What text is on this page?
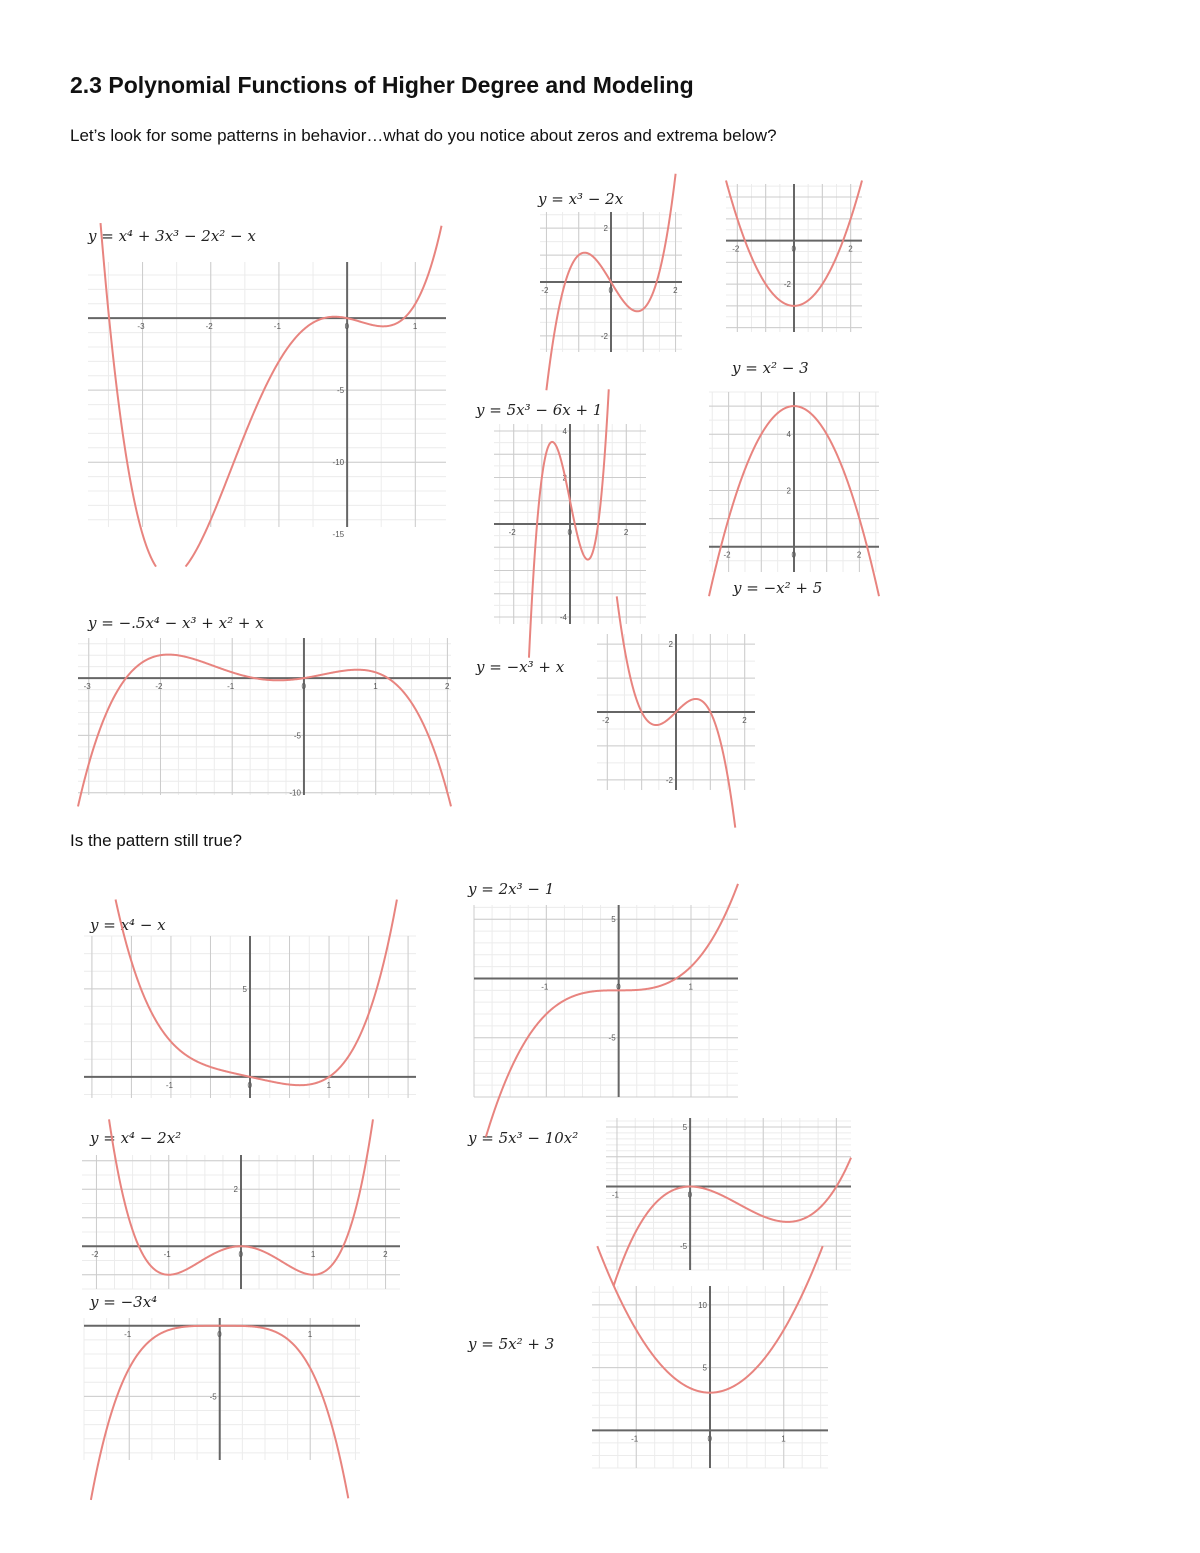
2.3 Polynomial Functions of Higher Degree and Modeling
Let’s look for some patterns in behavior…what do you notice about zeros and extrema below?
Is the pattern still true?
y = x⁴ + 3x³ − 2x² − x
y = x³ − 2x
y = x² − 3
y = 5x³ − 6x + 1
y = −x² + 5
y = −.5x⁴ − x³ + x² + x
y = −x³ + x
y = x⁴ − x
y = 2x³ − 1
y = x⁴ − 2x²	y = 5x³ − 10x²
y = −3x⁴
y = 5x² + 3
-3	-2	-1	0	1
-5
-10
-15
-2	0	2
2
-2
-2	0	2
-2
-2	0	2
4
2
-4
-2	0	2
4
2
-3	-2	-1	0	1	2
-5
-10
-2	2
2
-2
-1	0	1
5	-1	0	1
5
-5
-2	-1	0	1	2
2
-1	0
5
-5
-1	0	1
-5
-1	0	1
10
5
